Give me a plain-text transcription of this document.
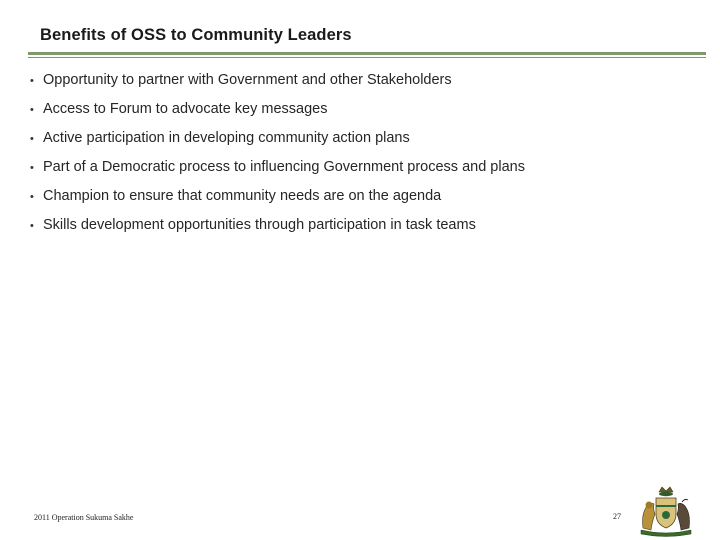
Benefits of OSS to Community Leaders
• Opportunity to partner with Government and other Stakeholders
• Access to Forum to advocate key messages
• Active participation in developing community action plans
• Part of a Democratic process to influencing Government process and plans
• Champion to ensure that community needs are on the agenda
• Skills development opportunities through participation in task teams
2011 Operation Sukuma Sakhe	27
